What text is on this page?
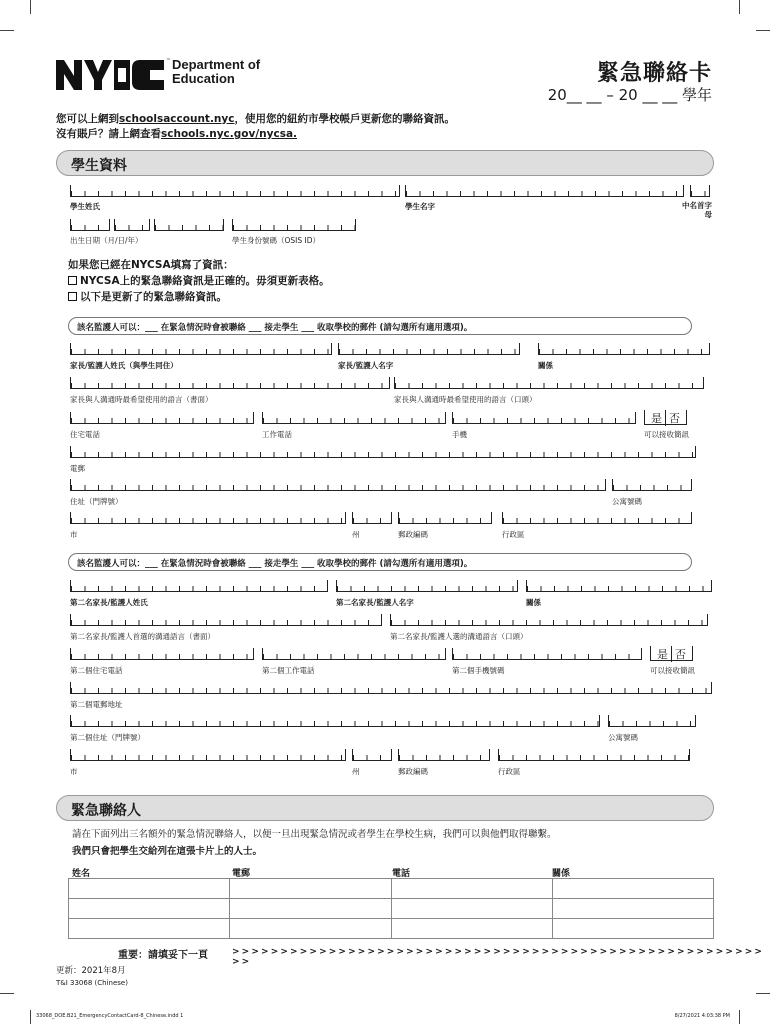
™ Department of
Education	緊急聯絡卡
20__ __ – 20 __ __ 學年
您可以上網到schoolsaccount.nyc，使用您的紐約市學校帳戶更新您的聯絡資訊。
沒有賬戶？請上網查看schools.nyc.gov/nycsa.
學生資料
學生姓氏	學生名字	中名首字母
出生日期（月/日/年）	學生身份號碼（OSIS ID）
如果您已經在NYCSA填寫了資訊：
NYCSA上的緊急聯絡資訊是正確的。毋須更新表格。
以下是更新了的緊急聯絡資訊。
該名監護人可以：___ 在緊急情況時會被聯絡 ___ 接走學生 ___ 收取學校的郵件 (請勾選所有適用選項)。
家長/監護人姓氏（與學生同住）	家長/監護人名字	關係
家長與人溝通時最希望使用的語言（書面）	家長與人溝通時最希望使用的語言（口頭）
是 否
住宅電話	工作電話	手機	可以接收簡訊
電郵
住址（門牌號）	公寓號碼
市	州	郵政編碼	行政區
該名監護人可以：___ 在緊急情況時會被聯絡 ___ 接走學生 ___ 收取學校的郵件 (請勾選所有適用選項)。
第二名家長/監護人姓氏	第二名家長/監護人名字	關係
第二名家長/監護人首選的溝通語言（書面）	第二名家長/監護人選的溝通語言（口頭）
是 否
第二個住宅電話	第二個工作電話	第二個手機號碼	可以接收簡訊
第二個電郵地址
第二個住址（門牌號）	公寓號碼
市	州	郵政編碼	行政區
緊急聯絡人
請在下面列出三名額外的緊急情況聯絡人，以便一旦出現緊急情況或者學生在學校生病，我們可以與他們取得聯繫。
我們只會把學生交給列在這張卡片上的人士。
姓名	電郵	電話	關係

重要：請填妥下一頁	> > > > > > > > > > > > > > > > > > > > > > > > > > > > > > > > > > > > > > > > > > > > > > > > > > > > > > > > >
更新：2021年8月
T&I 33068 (Chinese)
33068_DOE.B21_EmergencyContactCard-8_Chinese.indd 1	8/27/2021 4:03:38 PM
